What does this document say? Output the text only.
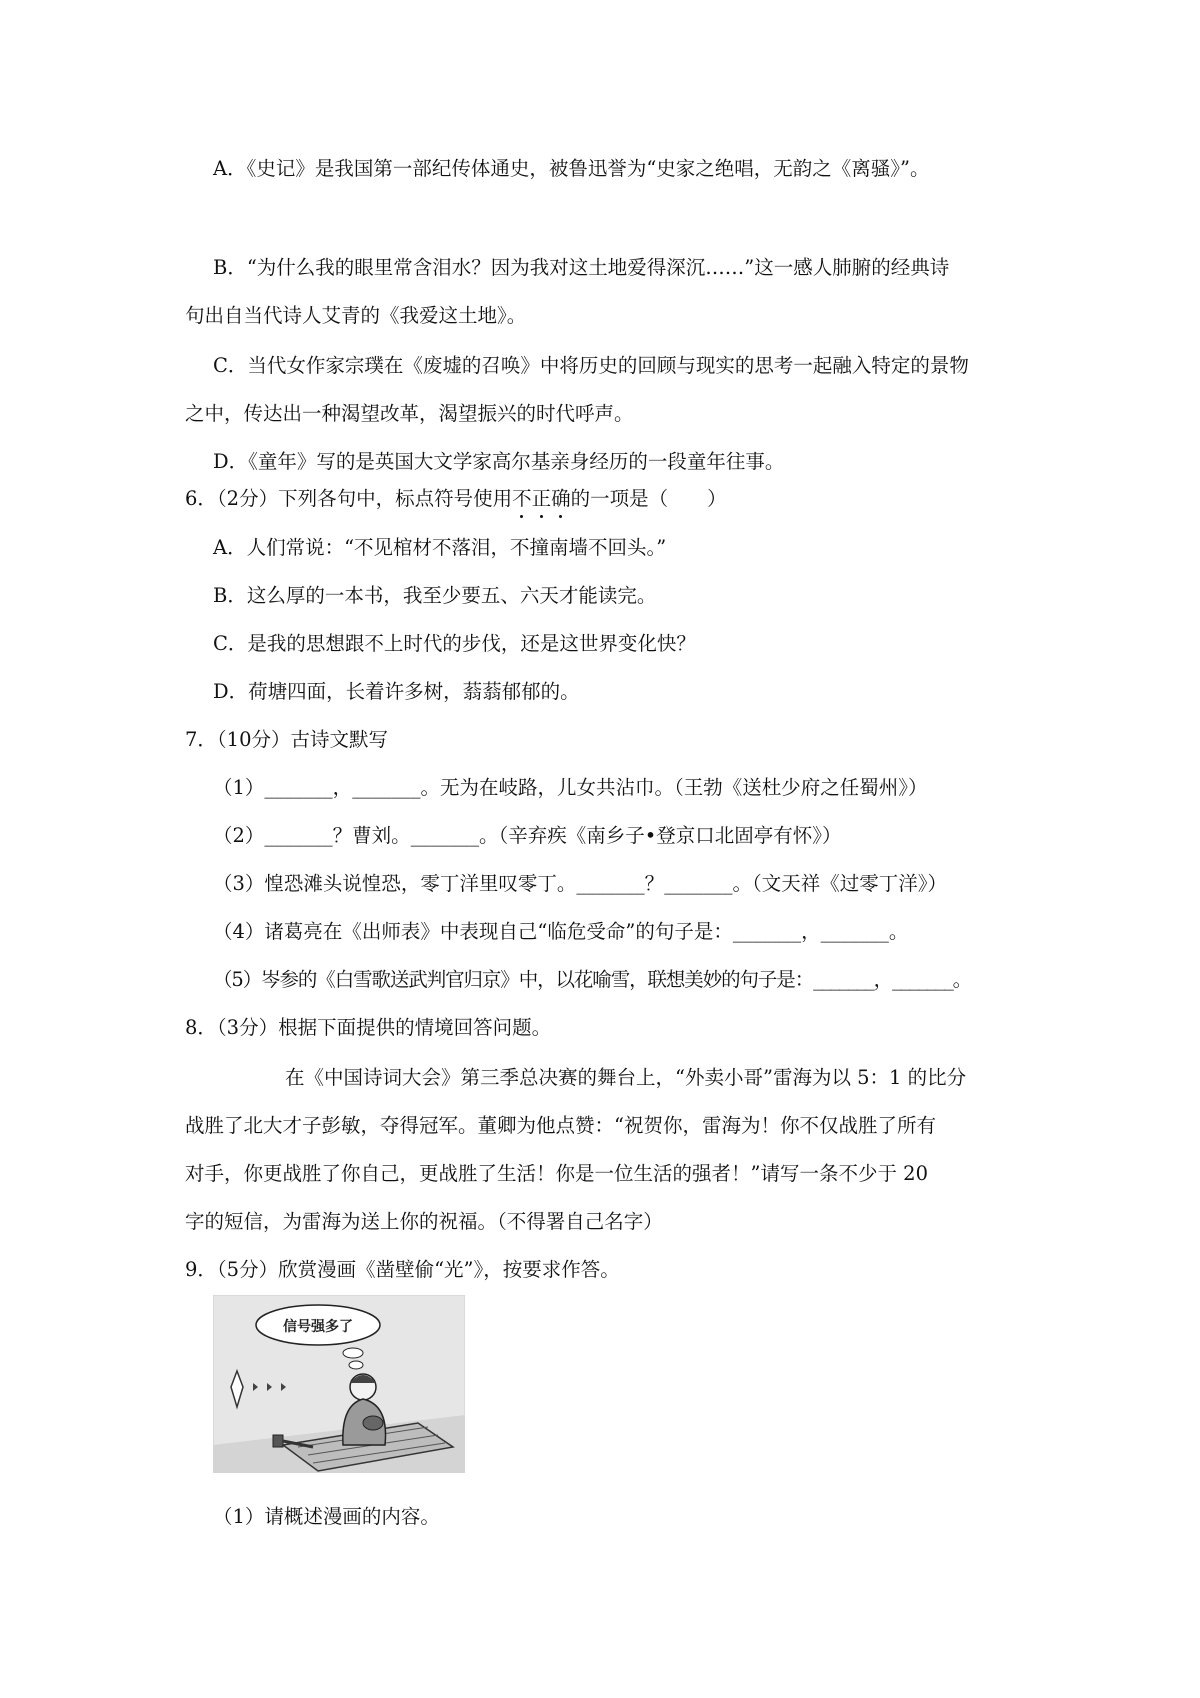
A．《史记》是我国第一部纪传体通史，被鲁迅誉为“史家之绝唱，无韵之《离骚》”。
B．“为什么我的眼里常含泪水？因为我对这土地爱得深沉……”这一感人肺腑的经典诗
句出自当代诗人艾青的《我爱这土地》。
C．当代女作家宗璞在《废墟的召唤》中将历史的回顾与现实的思考一起融入特定的景物
之中，传达出一种渴望改革，渴望振兴的时代呼声。
D．《童年》写的是英国大文学家高尔基亲身经历的一段童年往事。
6．（2分）下列各句中，标点符号使用不正确的一项是（　　）
A．人们常说：“不见棺材不落泪，不撞南墙不回头。”
B．这么厚的一本书，我至少要五、六天才能读完。
C．是我的思想跟不上时代的步伐，还是这世界变化快？
D．荷塘四面，长着许多树，蓊蓊郁郁的。
7．（10分）古诗文默写
（1）_______，_______。无为在岐路，儿女共沾巾。（王勃《送杜少府之任蜀州》）
（2）_______？曹刘。_______。（辛弃疾《南乡子•登京口北固亭有怀》）
（3）惶恐滩头说惶恐，零丁洋里叹零丁。_______？_______。（文天祥《过零丁洋》）
（4）诸葛亮在《出师表》中表现自己“临危受命”的句子是：_______，_______。
（5）岑参的《白雪歌送武判官归京》中，以花喻雪，联想美妙的句子是：_______，_______。
8．（3分）根据下面提供的情境回答问题。
在《中国诗词大会》第三季总决赛的舞台上，“外卖小哥”雷海为以 5：1 的比分
战胜了北大才子彭敏，夺得冠军。董卿为他点赞：“祝贺你，雷海为！你不仅战胜了所有
对手，你更战胜了你自己，更战胜了生活！你是一位生活的强者！”请写一条不少于 20
字的短信，为雷海为送上你的祝福。（不得署自己名字）
9．（5分）欣赏漫画《凿壁偷“光”》，按要求作答。
信号强多了
（1）请概述漫画的内容。
